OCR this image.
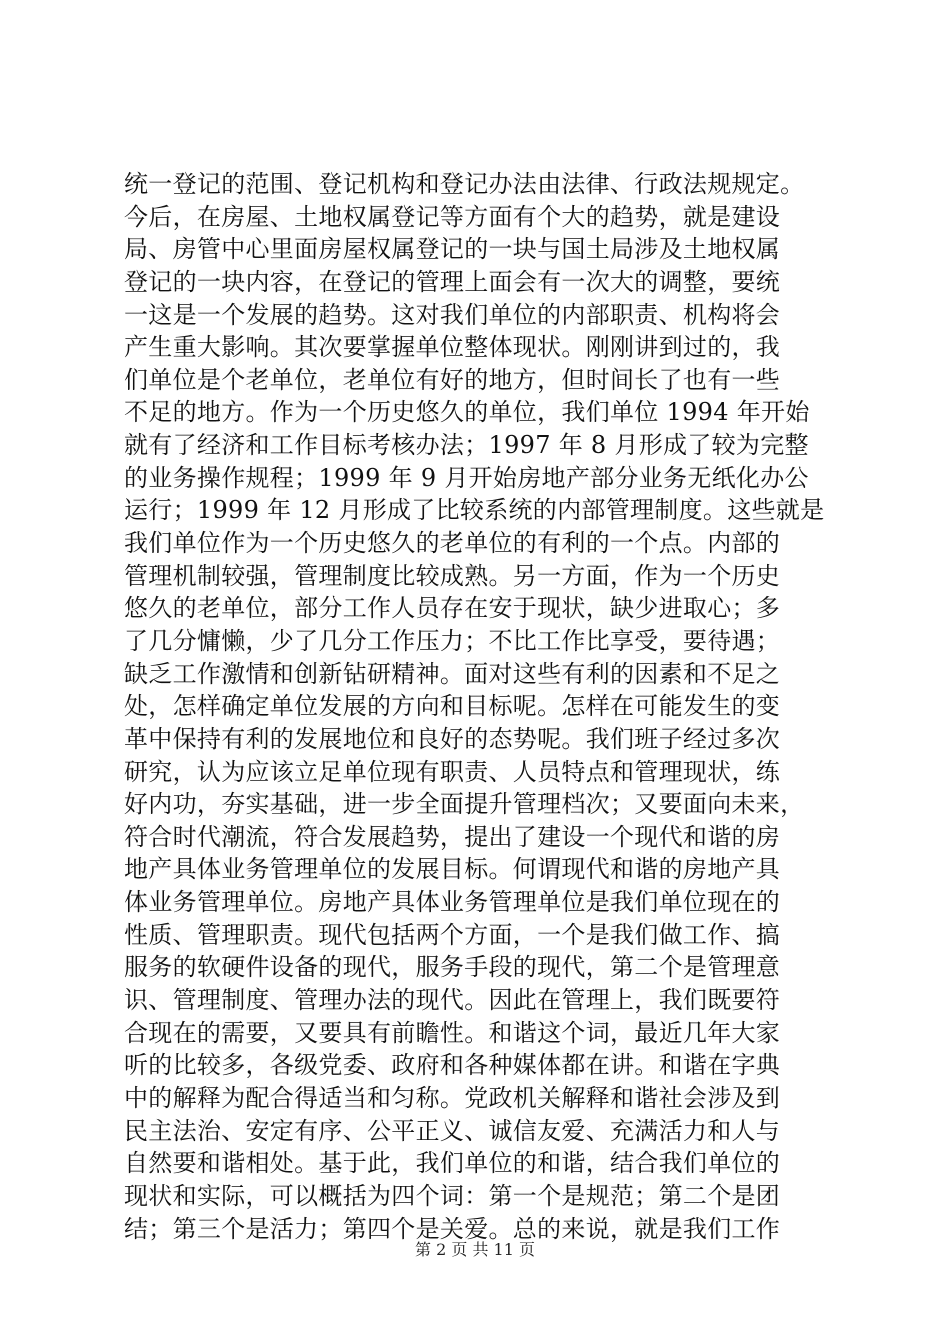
统一登记的范围、登记机构和登记办法由法律、行政法规规定。
今后，在房屋、土地权属登记等方面有个大的趋势，就是建设
局、房管中心里面房屋权属登记的一块与国土局涉及土地权属
登记的一块内容，在登记的管理上面会有一次大的调整，要统
一这是一个发展的趋势。这对我们单位的内部职责、机构将会
产生重大影响。其次要掌握单位整体现状。刚刚讲到过的，我
们单位是个老单位，老单位有好的地方，但时间长了也有一些
不足的地方。作为一个历史悠久的单位，我们单位 1994 年开始
就有了经济和工作目标考核办法；1997 年 8 月形成了较为完整
的业务操作规程；1999 年 9 月开始房地产部分业务无纸化办公
运行；1999 年 12 月形成了比较系统的内部管理制度。这些就是
我们单位作为一个历史悠久的老单位的有利的一个点。内部的
管理机制较强，管理制度比较成熟。另一方面，作为一个历史
悠久的老单位，部分工作人员存在安于现状，缺少进取心；多
了几分慵懒，少了几分工作压力；不比工作比享受，要待遇；
缺乏工作激情和创新钻研精神。面对这些有利的因素和不足之
处，怎样确定单位发展的方向和目标呢。怎样在可能发生的变
革中保持有利的发展地位和良好的态势呢。我们班子经过多次
研究，认为应该立足单位现有职责、人员特点和管理现状，练
好内功，夯实基础，进一步全面提升管理档次；又要面向未来，
符合时代潮流，符合发展趋势，提出了建设一个现代和谐的房
地产具体业务管理单位的发展目标。何谓现代和谐的房地产具
体业务管理单位。房地产具体业务管理单位是我们单位现在的
性质、管理职责。现代包括两个方面，一个是我们做工作、搞
服务的软硬件设备的现代，服务手段的现代，第二个是管理意
识、管理制度、管理办法的现代。因此在管理上，我们既要符
合现在的需要，又要具有前瞻性。和谐这个词，最近几年大家
听的比较多，各级党委、政府和各种媒体都在讲。和谐在字典
中的解释为配合得适当和匀称。党政机关解释和谐社会涉及到
民主法治、安定有序、公平正义、诚信友爱、充满活力和人与
自然要和谐相处。基于此，我们单位的和谐，结合我们单位的
现状和实际，可以概括为四个词：第一个是规范；第二个是团
结；第三个是活力；第四个是关爱。总的来说，就是我们工作
第 2 页 共 11 页
